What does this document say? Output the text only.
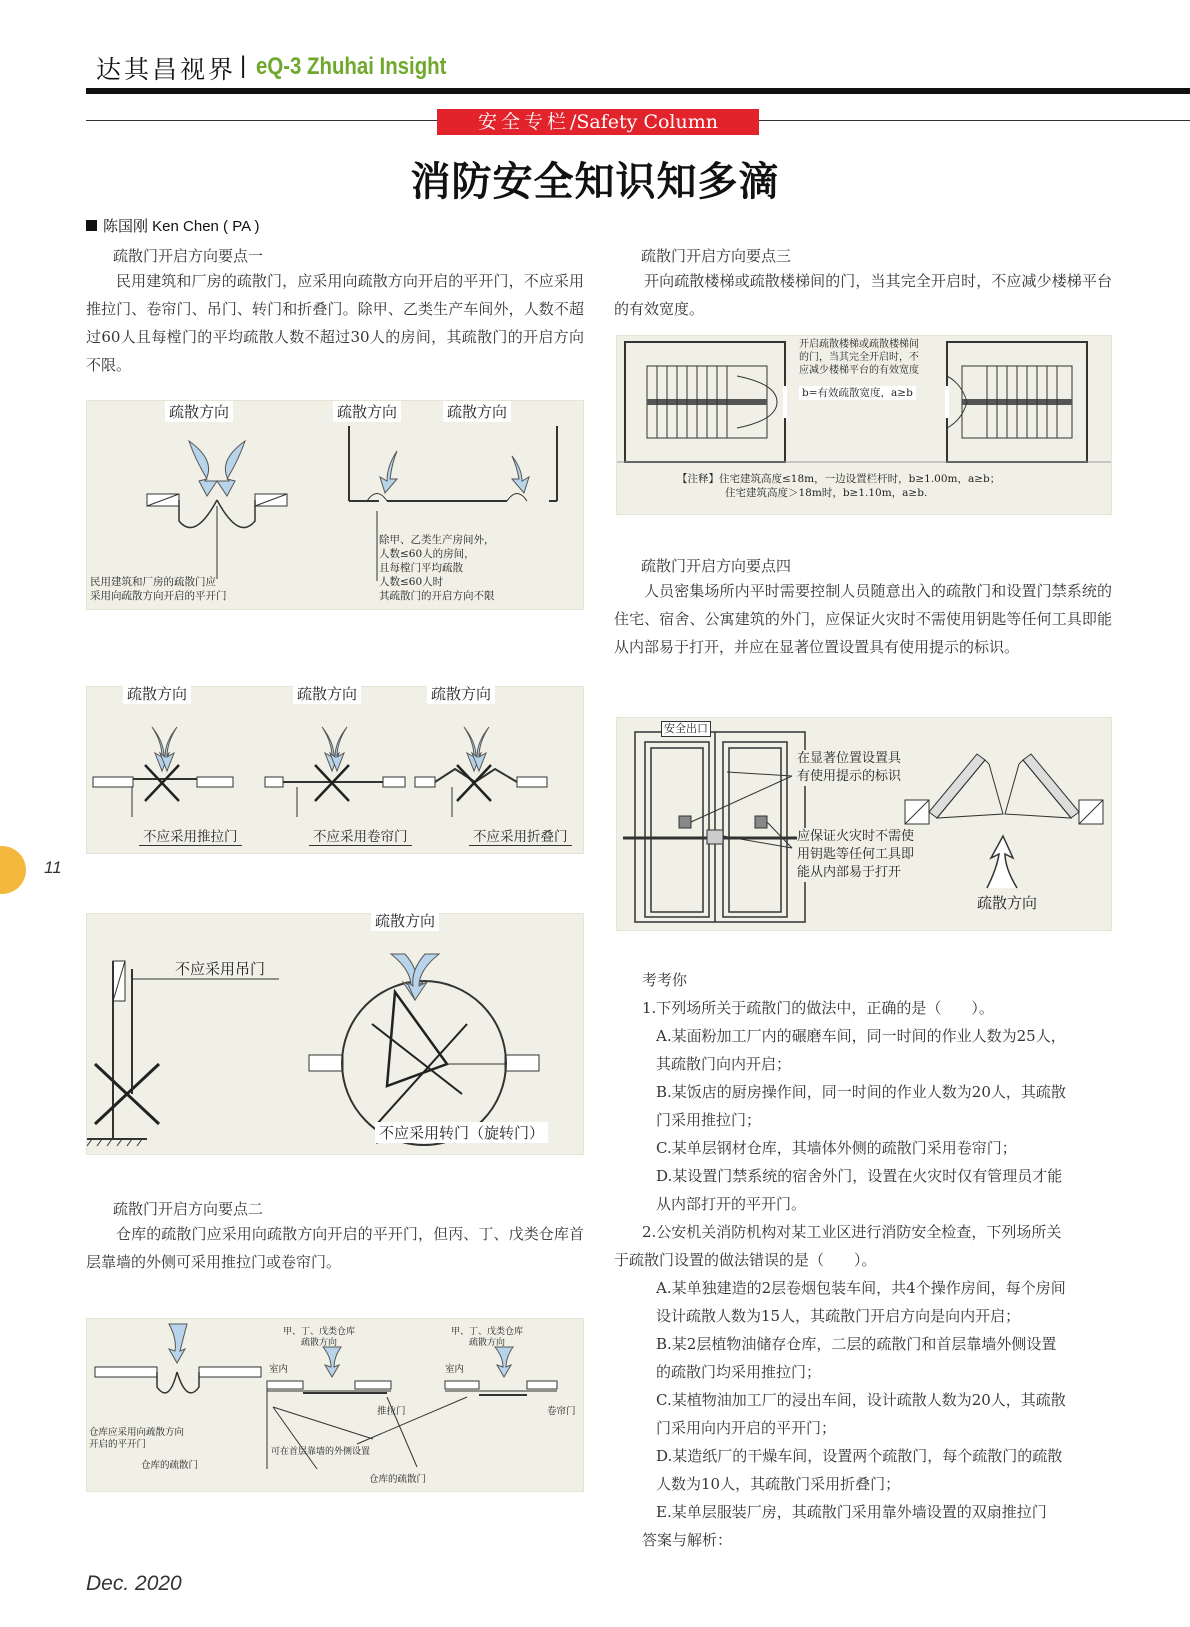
达其昌视界 | eQ-3 Zhuhai Insight
安全专栏/Safety Column
消防安全知识知多滴
陈国刚 Ken Chen ( PA )
疏散门开启方向要点一
民用建筑和厂房的疏散门，应采用向疏散方向开启的平开门，不应采用推拉门、卷帘门、吊门、转门和折叠门。除甲、乙类生产车间外，人数不超过60人且每樘门的平均疏散人数不超过30人的房间，其疏散门的开启方向不限。
疏散方向	疏散方向	疏散方向
民用建筑和厂房的疏散门应
采用向疏散方向开启的平开门
除甲、乙类生产房间外，
人数≤60人的房间，
且每樘门平均疏散
人数≤60人时
其疏散门的开启方向不限
疏散方向	疏散方向	疏散方向
不应采用推拉门	不应采用卷帘门	不应采用折叠门
11
疏散方向
不应采用吊门
不应采用转门（旋转门）
疏散门开启方向要点二
仓库的疏散门应采用向疏散方向开启的平开门，但丙、丁、戊类仓库首层靠墙的外侧可采用推拉门或卷帘门。
甲、丁、戊类仓库
疏散方向
甲、丁、戊类仓库
疏散方向
室内	室内
推拉门	卷帘门
仓库应采用向疏散方向
开启的平开门
仓库的疏散门
可在首层靠墙的外侧设置
仓库的疏散门
疏散门开启方向要点三
开向疏散楼梯或疏散楼梯间的门，当其完全开启时，不应减少楼梯平台的有效宽度。
开启疏散楼梯或疏散楼梯间
的门，当其完全开启时，不
应减少楼梯平台的有效宽度
b=有效疏散宽度，a≥b
【注释】住宅建筑高度≤18m，一边设置栏杆时，b≥1.00m，a≥b；
住宅建筑高度＞18m时，b≥1.10m，a≥b.
疏散门开启方向要点四
人员密集场所内平时需要控制人员随意出入的疏散门和设置门禁系统的住宅、宿舍、公寓建筑的外门，应保证火灾时不需使用钥匙等任何工具即能从内部易于打开，并应在显著位置设置具有使用提示的标识。
安全出口
在显著位置设置具
有使用提示的标识
应保证火灾时不需使
用钥匙等任何工具即
能从内部易于打开
疏散方向
考考你
1.下列场所关于疏散门的做法中，正确的是（　　）。
A.某面粉加工厂内的碾磨车间，同一时间的作业人数为25人，
其疏散门向内开启；
B.某饭店的厨房操作间，同一时间的作业人数为20人，其疏散
门采用推拉门；
C.某单层钢材仓库，其墙体外侧的疏散门采用卷帘门；
D.某设置门禁系统的宿舍外门，设置在火灾时仅有管理员才能
从内部打开的平开门。
2.公安机关消防机构对某工业区进行消防安全检查，下列场所关
于疏散门设置的做法错误的是（　　）。
A.某单独建造的2层卷烟包装车间，共4个操作房间，每个房间
设计疏散人数为15人，其疏散门开启方向是向内开启；
B.某2层植物油储存仓库，二层的疏散门和首层靠墙外侧设置
的疏散门均采用推拉门；
C.某植物油加工厂的浸出车间，设计疏散人数为20人，其疏散
门采用向内开启的平开门；
D.某造纸厂的干燥车间，设置两个疏散门，每个疏散门的疏散
人数为10人，其疏散门采用折叠门；
E.某单层服装厂房，其疏散门采用靠外墙设置的双扇推拉门
答案与解析：
Dec. 2020
